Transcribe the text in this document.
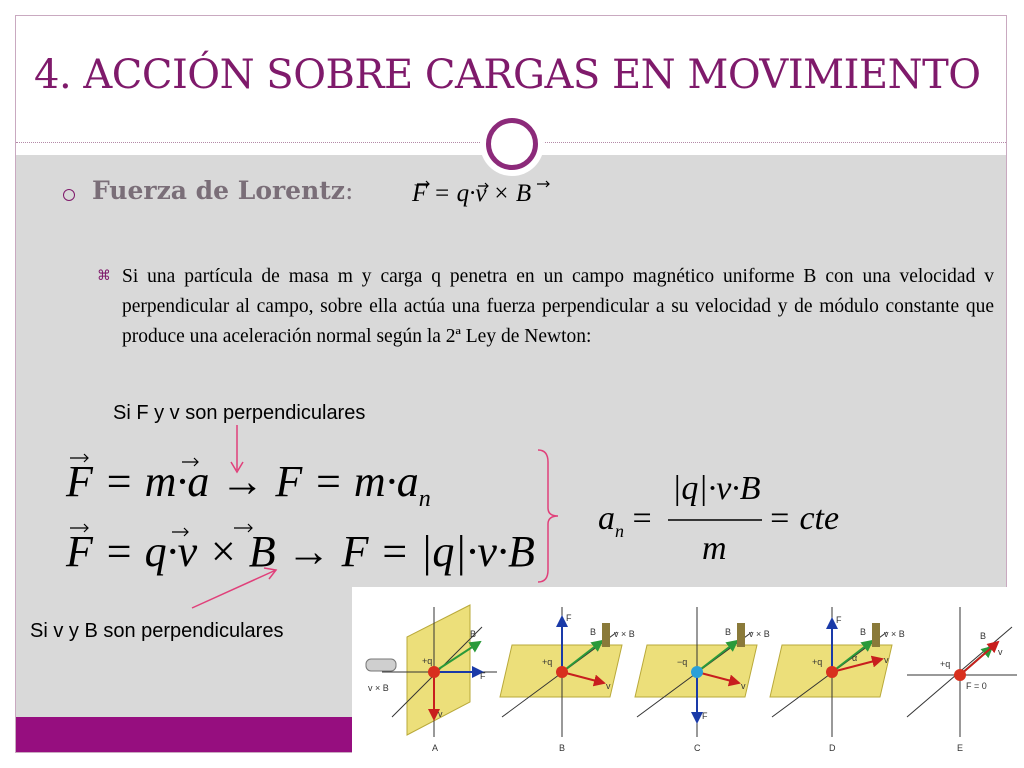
4. ACCIÓN SOBRE CARGAS EN MOVIMIENTO
Fuerza de Lorentz: F = q·v × B
⌘ Si una partícula de masa m y carga q penetra en un campo magnético uniforme B con una velocidad v perpendicular al campo, sobre ella actúa una fuerza perpendicular a su velocidad y de módulo constante que produce una aceleración normal según la 2ª Ley de Newton:

Si F y v son perpendiculares
Si v y B son perpendiculares
$F = m\cdot a \to F = m\cdot a_n$
F = q·v × B → F = |q|·v·B
$a_n$ =
|q|·v·B
m
= cte
+q
F
B
v
v × B
A
+q
F
B
v
v × B
B
−q
F
B
v
v × B
C
+q
F
B
v
α
v × B
D
+q
B
v
F = 0
E
